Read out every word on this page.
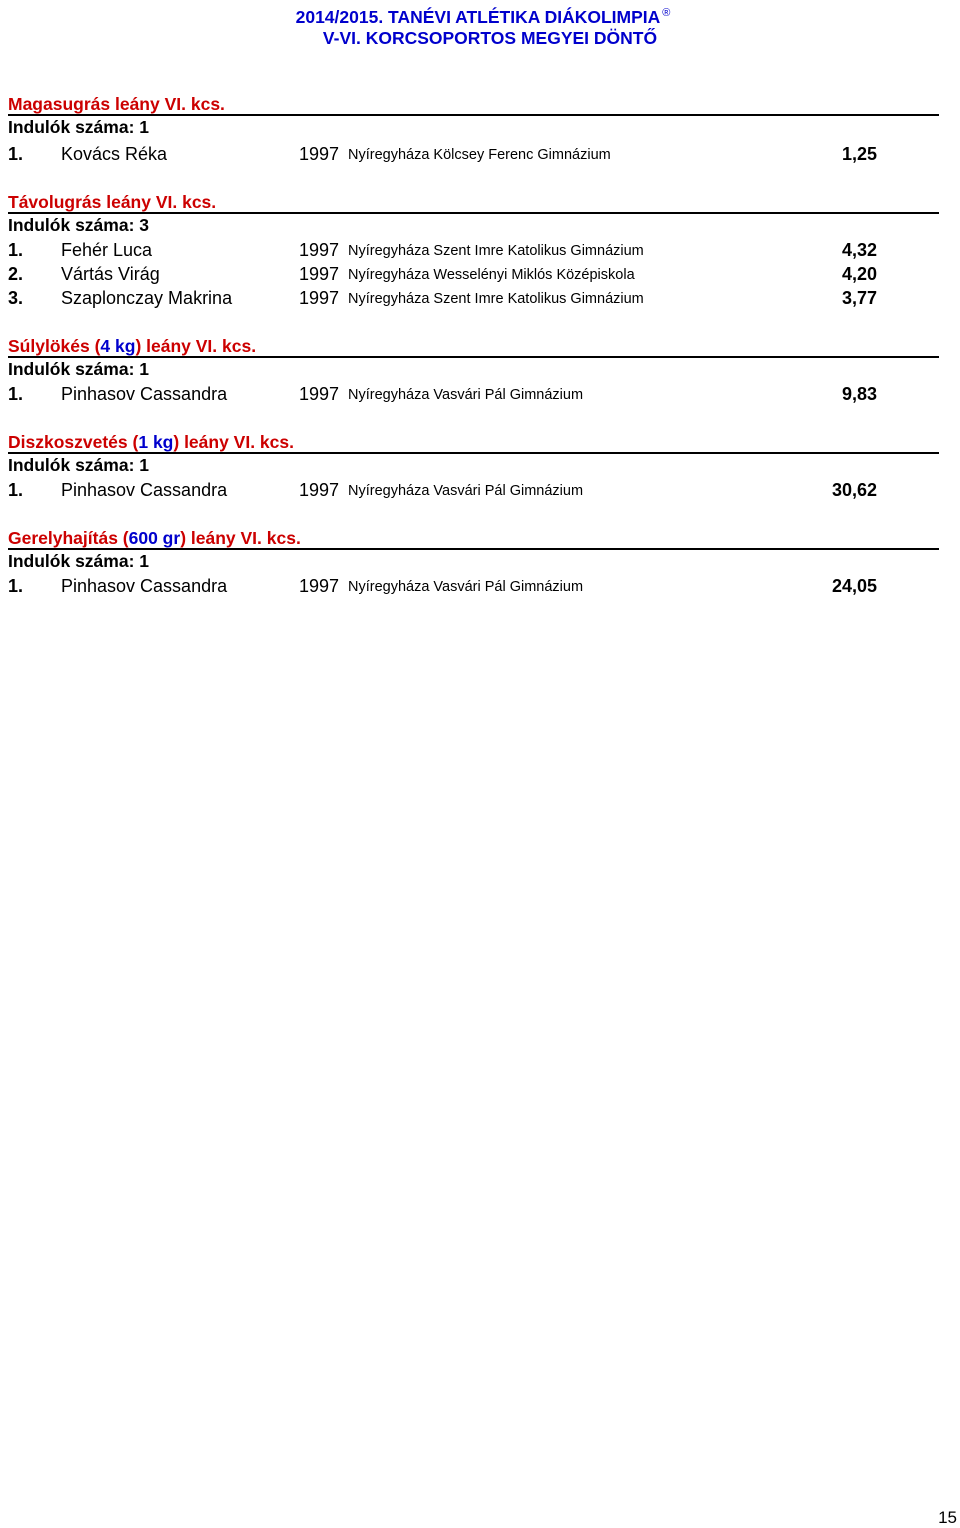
2014/2015. TANÉVI ATLÉTIKA DIÁKOLIMPIA ®
V-VI. KORCSOPORTOS MEGYEI DÖNTŐ
Magasugrás leány VI. kcs.
Indulók száma: 1
1. Kovács Réka	1997 Nyíregyháza Kölcsey Ferenc Gimnázium	1,25
Távolugrás leány VI. kcs.
Indulók száma: 3
1. Fehér Luca	1997 Nyíregyháza Szent Imre Katolikus Gimnázium	4,32
2. Vártás Virág	1997 Nyíregyháza Wesselényi Miklós Középiskola	4,20
3. Szaplonczay Makrina	1997 Nyíregyháza Szent Imre Katolikus Gimnázium	3,77
Súlylökés (4 kg) leány VI. kcs.
Indulók száma: 1
1. Pinhasov Cassandra	1997 Nyíregyháza Vasvári Pál Gimnázium	9,83
Diszkoszvetés (1 kg) leány VI. kcs.
Indulók száma: 1
1. Pinhasov Cassandra	1997 Nyíregyháza Vasvári Pál Gimnázium	30,62
Gerelyhajítás (600 gr) leány VI. kcs.
Indulók száma: 1
1. Pinhasov Cassandra	1997 Nyíregyháza Vasvári Pál Gimnázium	24,05
15
